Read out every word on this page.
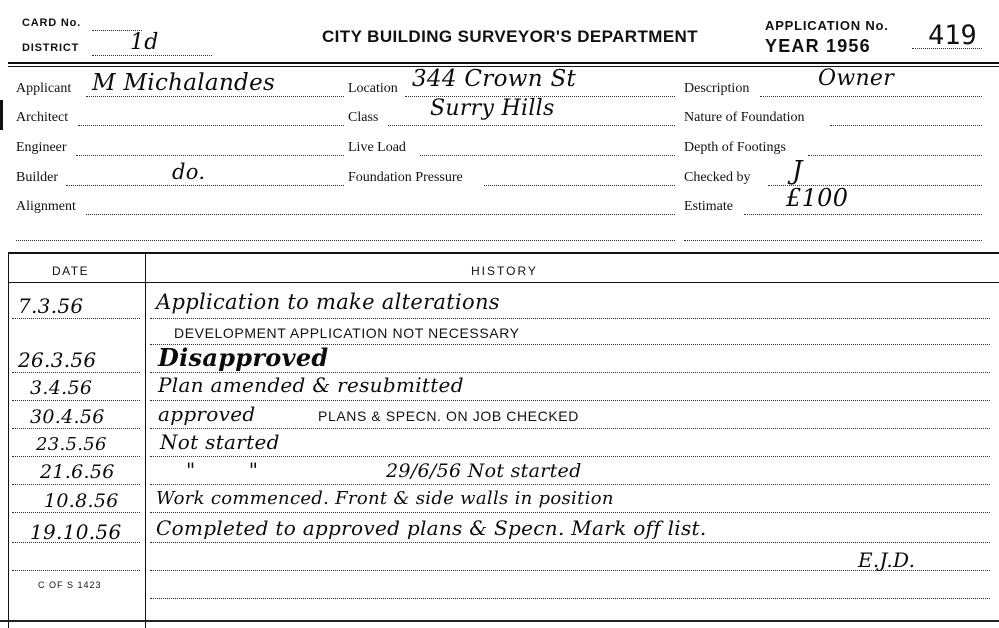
CARD No.
DISTRICT 1d	CITY BUILDING SURVEYOR'S DEPARTMENT
APPLICATION No.
YEAR 1956 419
Applicant M Michalandes	Location 344 Crown St	Description	Owner
Architect	Class Surry Hills	Nature of Foundation
Engineer	Live Load	Depth of Footings
Builder	do.	Foundation Pressure	Checked by J
Alignment	Estimate £100
DATE	HISTORY
7.3.56	Application to make alterations
DEVELOPMENT APPLICATION NOT NECESSARY
26.3.56	Disapproved
3.4.56	Plan amended & resubmitted
30.4.56	approved	PLANS & SPECN. ON JOB CHECKED
23.5.56	Not started
21.6.56	"        "	29/6/56 Not started
10.8.56 Work commenced. Front & side walls in position
19.10.56 Completed to approved plans & Specn. Mark off list.
E.J.D.
C OF S 1423
